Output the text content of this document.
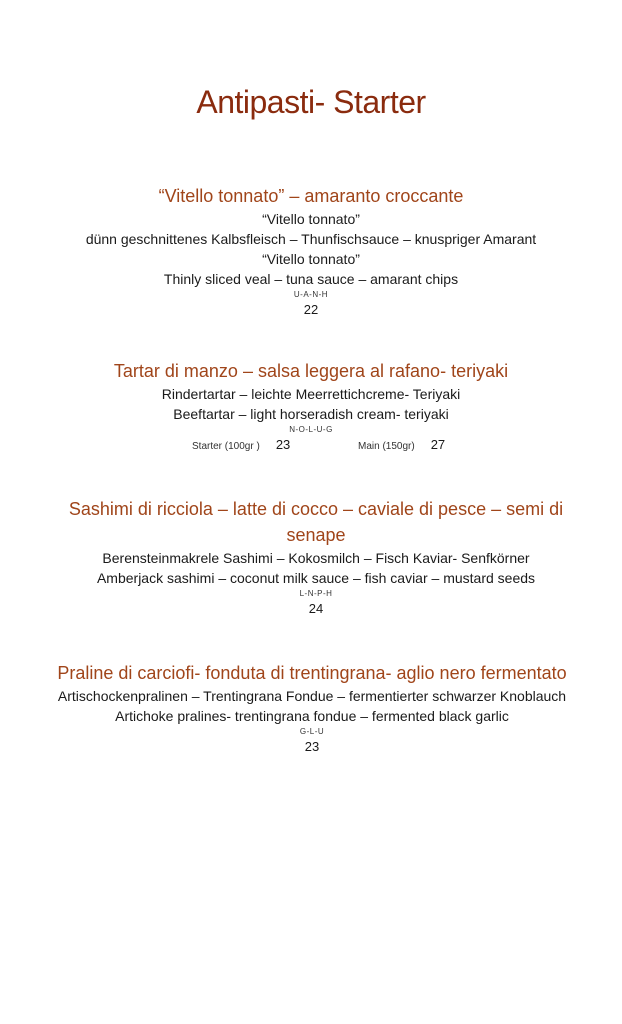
Antipasti- Starter
“Vitello tonnato” – amaranto croccante
“Vitello tonnato”
dünn geschnittenes Kalbsfleisch – Thunfischsauce – knuspriger Amarant
“Vitello tonnato”
Thinly sliced veal – tuna sauce – amarant chips
U-A-N-H
22
Tartar di manzo – salsa leggera al rafano- teriyaki
Rindertartar – leichte Meerrettichcreme- Teriyaki
Beeftartar – light horseradish cream- teriyaki
N-O-L-U-G
Starter (100gr ) 23	Main (150gr) 27
Sashimi di ricciola – latte di cocco – caviale di pesce – semi di senape
Berensteinmakrele Sashimi – Kokosmilch – Fisch Kaviar- Senfkörner
Amberjack sashimi – coconut milk sauce – fish caviar – mustard seeds
L-N-P-H
24
Praline di carciofi- fonduta di trentingrana- aglio nero fermentato
Artischockenpralinen – Trentingrana Fondue – fermentierter schwarzer Knoblauch
Artichoke pralines- trentingrana fondue – fermented black garlic
G-L-U
23
